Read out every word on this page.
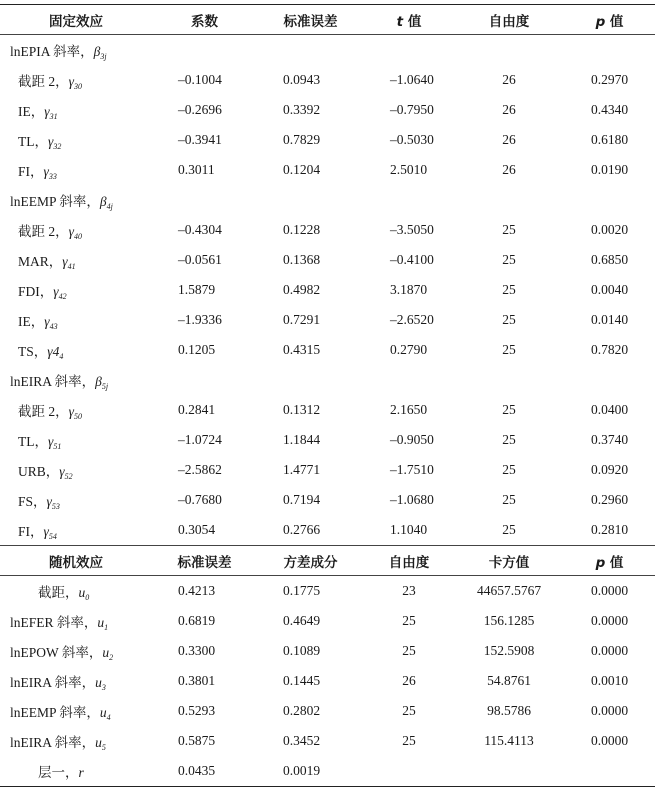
固定效应	系数	标准误差	t 值	自由度	p 值
lnEPIA 斜率，$\beta_{3j}$
截距 2，$\gamma_{30}$	–0.1004	0.0943	–1.0640	26	0.2970
IE，$\gamma_{31}$	–0.2696	0.3392	–0.7950	26	0.4340
TL，$\gamma_{32}$	–0.3941	0.7829	–0.5030	26	0.6180
FI，$\gamma_{33}$	0.3011	0.1204	2.5010	26	0.0190
lnEEMP 斜率，$\beta_{4j}$
截距 2，$\gamma_{40}$	–0.4304	0.1228	–3.5050	25	0.0020
MAR，$\gamma_{41}$	–0.0561	0.1368	–0.4100	25	0.6850
FDI，$\gamma_{42}$	1.5879	0.4982	3.1870	25	0.0040
IE，$\gamma_{43}$	–1.9336	0.7291	–2.6520	25	0.0140
TS，$\gamma 4_4$	0.1205	0.4315	0.2790	25	0.7820
lnEIRA 斜率，$\beta_{5j}$
截距 2，$\gamma_{50}$	0.2841	0.1312	2.1650	25	0.0400
TL，$\gamma_{51}$	–1.0724	1.1844	–0.9050	25	0.3740
URB，$\gamma_{52}$	–2.5862	1.4771	–1.7510	25	0.0920
FS，$\gamma_{53}$	–0.7680	0.7194	–1.0680	25	0.2960
FI，$\gamma_{54}$	0.3054	0.2766	1.1040	25	0.2810
随机效应	标准误差	方差成分	自由度	卡方值	p 值
截距，$u_0$	0.4213	0.1775	23	44657.5767	0.0000
lnEFER 斜率，$u_1$	0.6819	0.4649	25	156.1285	0.0000
lnEPOW 斜率，$u_2$	0.3300	0.1089	25	152.5908	0.0000
lnEIRA 斜率，$u_3$	0.3801	0.1445	26	54.8761	0.0010
lnEEMP 斜率，$u_4$	0.5293	0.2802	25	98.5786	0.0000
lnEIRA 斜率，$u_5$	0.5875	0.3452	25	115.4113	0.0000
层一，r	0.0435	0.0019			
